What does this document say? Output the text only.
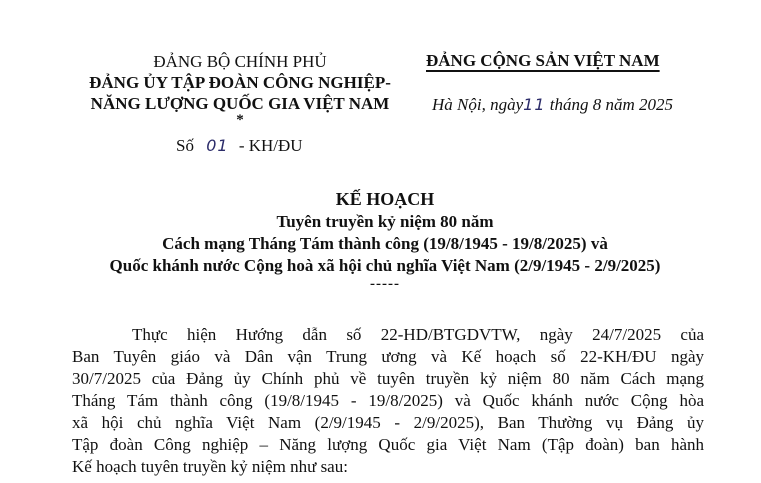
ĐẢNG BỘ CHÍNH PHỦ
ĐẢNG ỦY TẬP ĐOÀN CÔNG NGHIỆP-
NĂNG LƯỢNG QUỐC GIA VIỆT NAM
*
Số 01 - KH/ĐU
ĐẢNG CỘNG SẢN VIỆT NAM
Hà Nội, ngày11 tháng 8 năm 2025
KẾ HOẠCH
Tuyên truyền kỷ niệm 80 năm
Cách mạng Tháng Tám thành công (19/8/1945 - 19/8/2025) và
Quốc khánh nước Cộng hoà xã hội chủ nghĩa Việt Nam (2/9/1945 - 2/9/2025)
-----
Thực hiện Hướng dẫn số 22-HD/BTGDVTW, ngày 24/7/2025 của
Ban Tuyên giáo và Dân vận Trung ương và Kế hoạch số 22-KH/ĐU ngày
30/7/2025 của Đảng ủy Chính phủ về tuyên truyền kỷ niệm 80 năm Cách mạng
Tháng Tám thành công (19/8/1945 - 19/8/2025) và Quốc khánh nước Cộng hòa
xã hội chủ nghĩa Việt Nam (2/9/1945 - 2/9/2025), Ban Thường vụ Đảng ủy
Tập đoàn Công nghiệp – Năng lượng Quốc gia Việt Nam (Tập đoàn) ban hành
Kế hoạch tuyên truyền kỷ niệm như sau:
